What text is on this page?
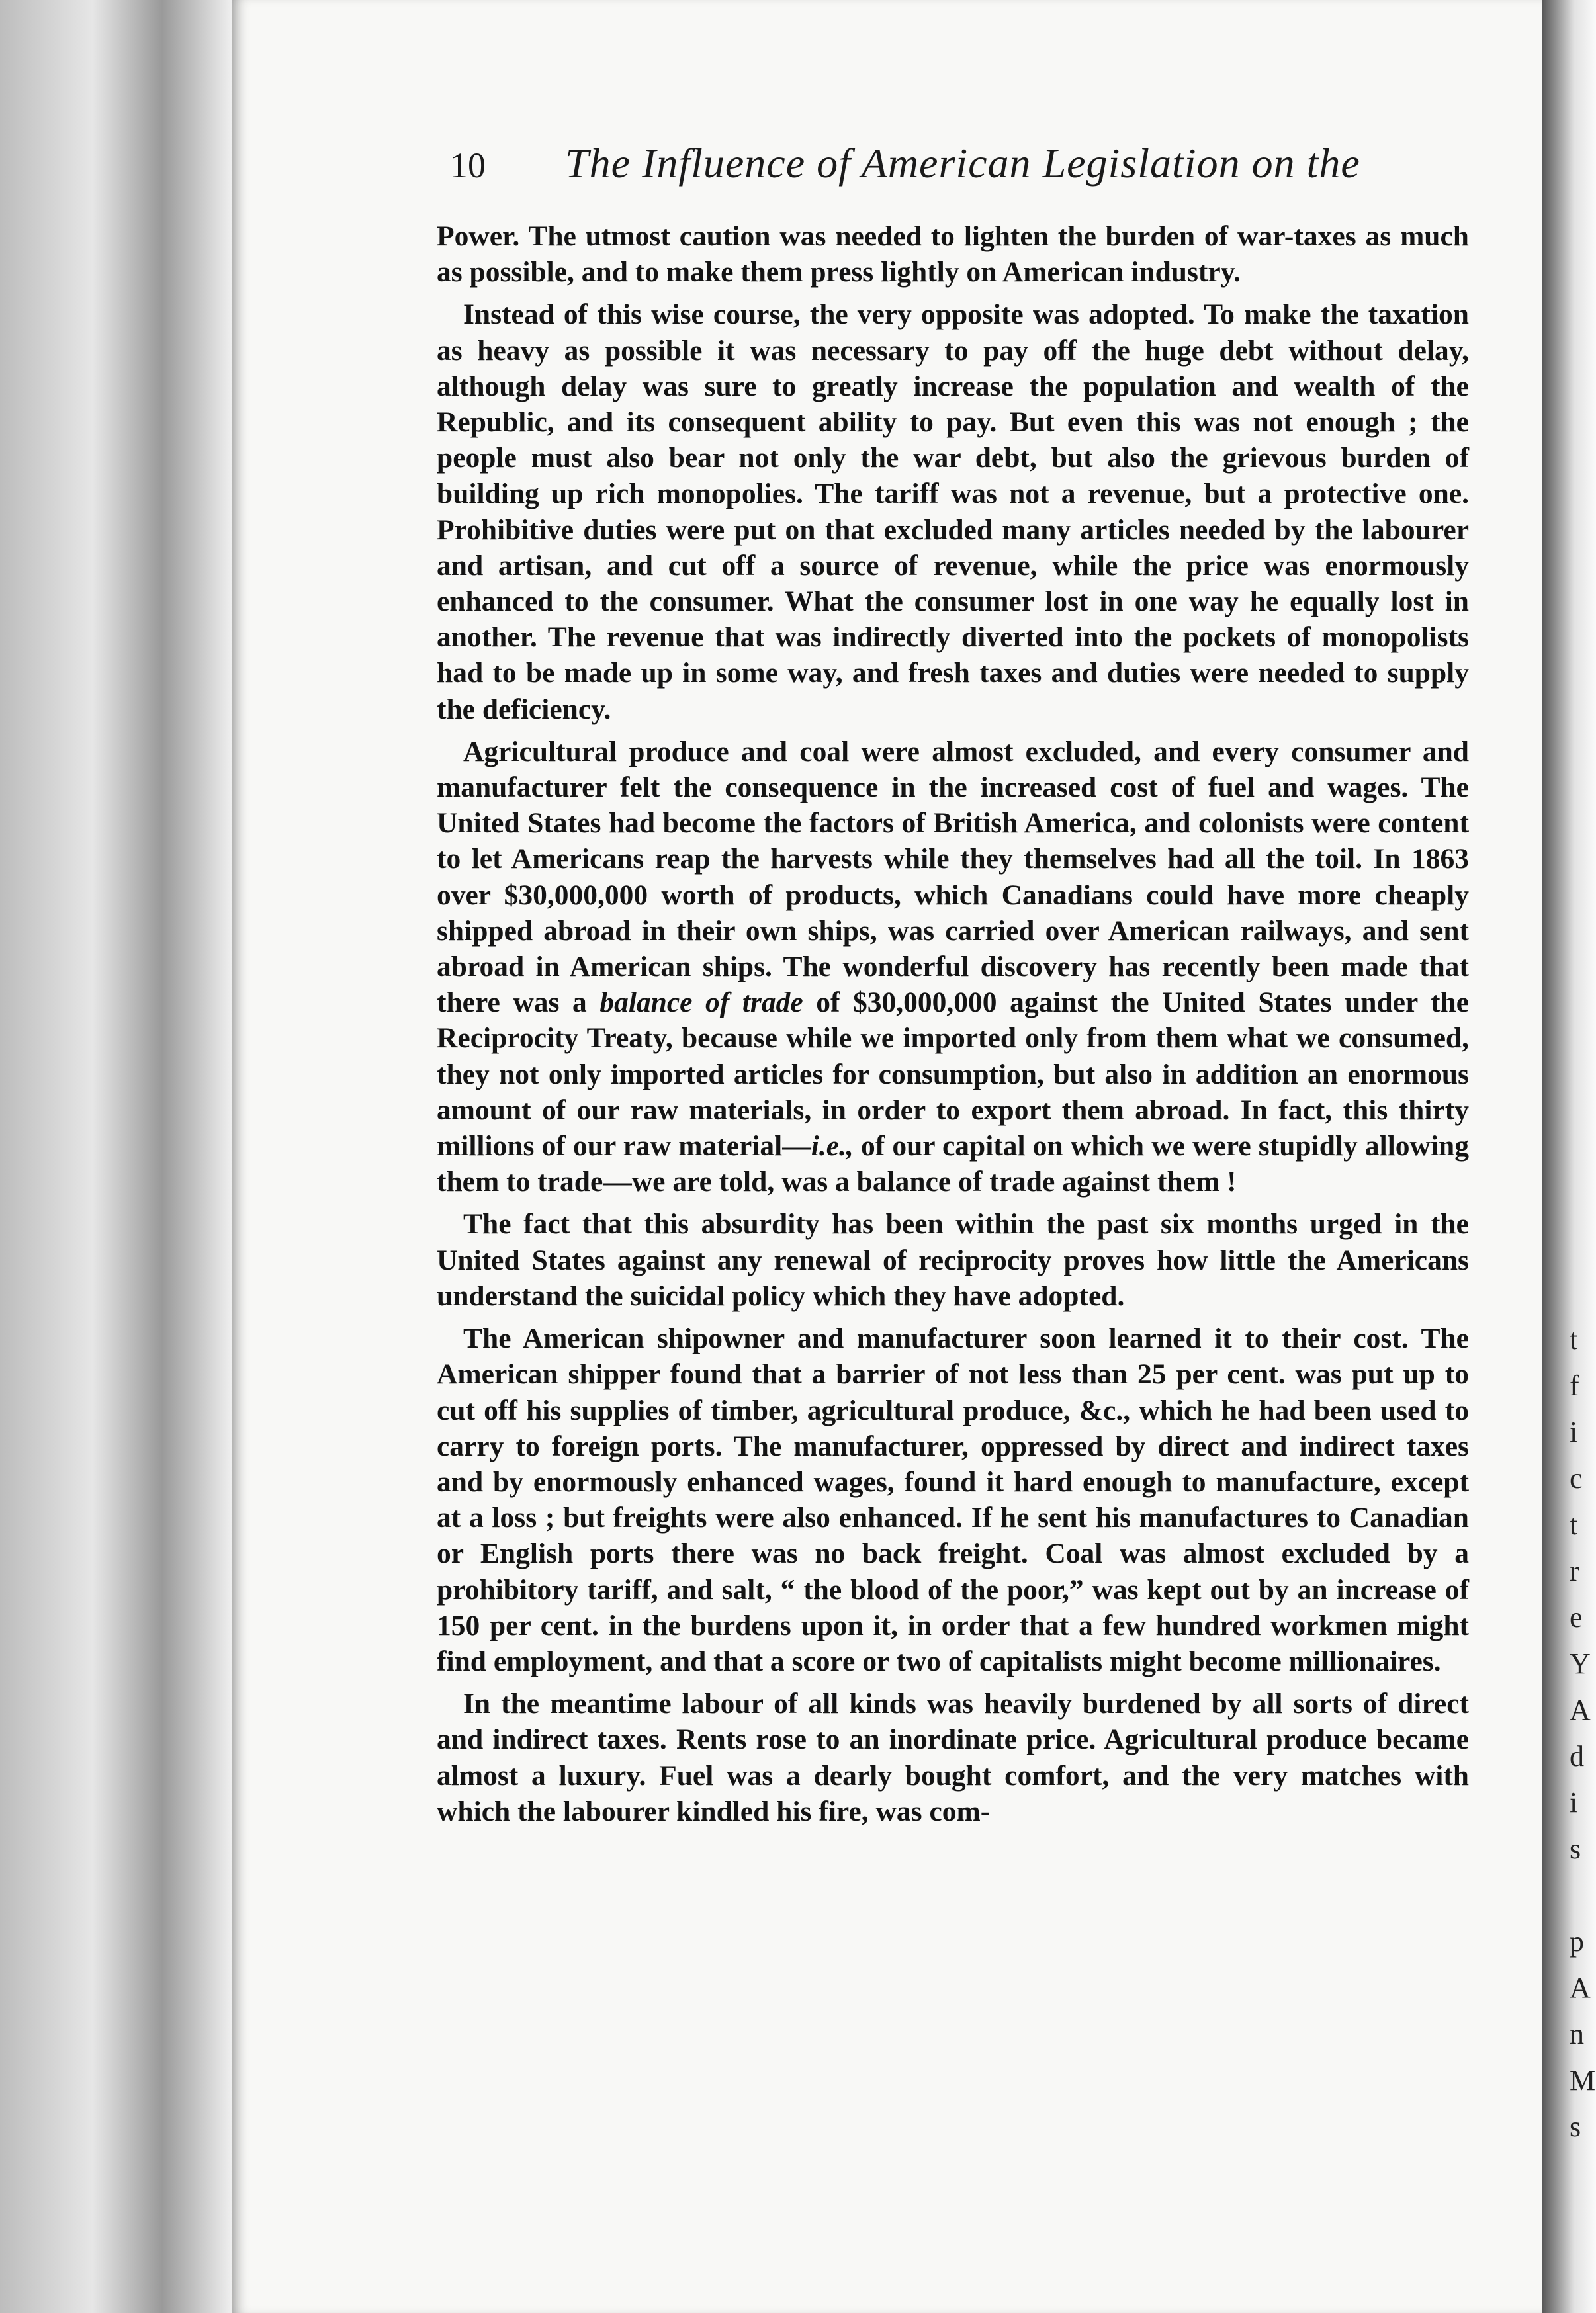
t
f
i
c
t
r
e
Y
A
d
i
s
p
A
n
M
s
10 The Influence of American Legislation on the

Power. The utmost caution was needed to lighten the burden of war-taxes as much as possible, and to make them press lightly on American industry.

Instead of this wise course, the very opposite was adopted. To make the taxation as heavy as possible it was necessary to pay off the huge debt without delay, although delay was sure to greatly increase the population and wealth of the Republic, and its consequent ability to pay. But even this was not enough ; the people must also bear not only the war debt, but also the grievous burden of building up rich monopolies. The tariff was not a revenue, but a protective one. Prohibitive duties were put on that excluded many articles needed by the labourer and artisan, and cut off a source of revenue, while the price was enormously enhanced to the consumer. What the consumer lost in one way he equally lost in another. The revenue that was indirectly diverted into the pockets of monopolists had to be made up in some way, and fresh taxes and duties were needed to supply the deficiency.

Agricultural produce and coal were almost excluded, and every consumer and manufacturer felt the consequence in the increased cost of fuel and wages. The United States had become the factors of British America, and colonists were content to let Americans reap the harvests while they themselves had all the toil. In 1863 over $30,000,000 worth of products, which Canadians could have more cheaply shipped abroad in their own ships, was carried over American railways, and sent abroad in American ships. The wonderful discovery has recently been made that there was a balance of trade of $30,000,000 against the United States under the Reciprocity Treaty, because while we imported only from them what we consumed, they not only imported articles for consumption, but also in addition an enormous amount of our raw materials, in order to export them abroad. In fact, this thirty millions of our raw material—i.e., of our capital on which we were stupidly allowing them to trade—we are told, was a balance of trade against them !

The fact that this absurdity has been within the past six months urged in the United States against any renewal of reciprocity proves how little the Americans understand the suicidal policy which they have adopted.

The American shipowner and manufacturer soon learned it to their cost. The American shipper found that a barrier of not less than 25 per cent. was put up to cut off his supplies of timber, agricultural produce, &c., which he had been used to carry to foreign ports. The manufacturer, oppressed by direct and indirect taxes and by enormously enhanced wages, found it hard enough to manufacture, except at a loss ; but freights were also enhanced. If he sent his manufactures to Canadian or English ports there was no back freight. Coal was almost excluded by a prohibitory tariff, and salt, “ the blood of the poor,” was kept out by an increase of 150 per cent. in the burdens upon it, in order that a few hundred workmen might find employment, and that a score or two of capitalists might become millionaires.

In the meantime labour of all kinds was heavily burdened by all sorts of direct and indirect taxes. Rents rose to an inordinate price. Agricultural produce became almost a luxury. Fuel was a dearly bought comfort, and the very matches with which the labourer kindled his fire, was com-
